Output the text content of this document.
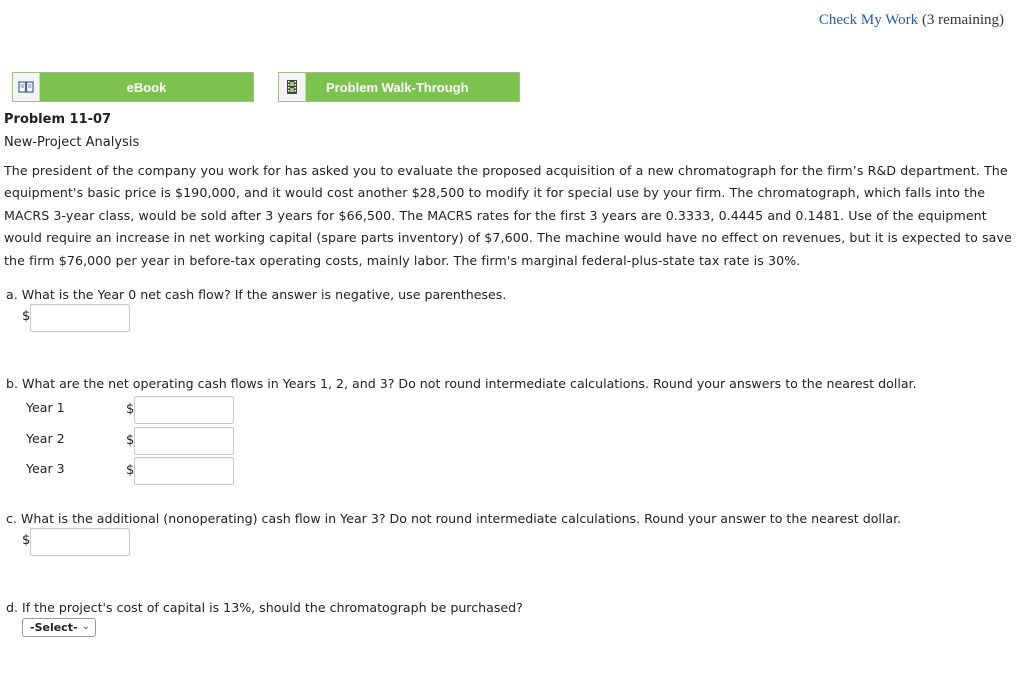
Check My Work (3 remaining)
eBook	Problem Walk-Through
Problem 11-07
New-Project Analysis
The president of the company you work for has asked you to evaluate the proposed acquisition of a new chromatograph for the firm’s R&D department. The equipment's basic price is $190,000, and it would cost another $28,500 to modify it for special use by your firm. The chromatograph, which falls into the MACRS 3-year class, would be sold after 3 years for $66,500. The MACRS rates for the first 3 years are 0.3333, 0.4445 and 0.1481. Use of the equipment would require an increase in net working capital (spare parts inventory) of $7,600. The machine would have no effect on revenues, but it is expected to save the firm $76,000 per year in before-tax operating costs, mainly labor. The firm's marginal federal-plus-state tax rate is 30%.
a. What is the Year 0 net cash flow? If the answer is negative, use parentheses.
$
b. What are the net operating cash flows in Years 1, 2, and 3? Do not round intermediate calculations. Round your answers to the nearest dollar.
Year 1	$
Year 2	$
Year 3	$
c. What is the additional (nonoperating) cash flow in Year 3? Do not round intermediate calculations. Round your answer to the nearest dollar.
$
d. If the project's cost of capital is 13%, should the chromatograph be purchased?
-Select- ⌄
